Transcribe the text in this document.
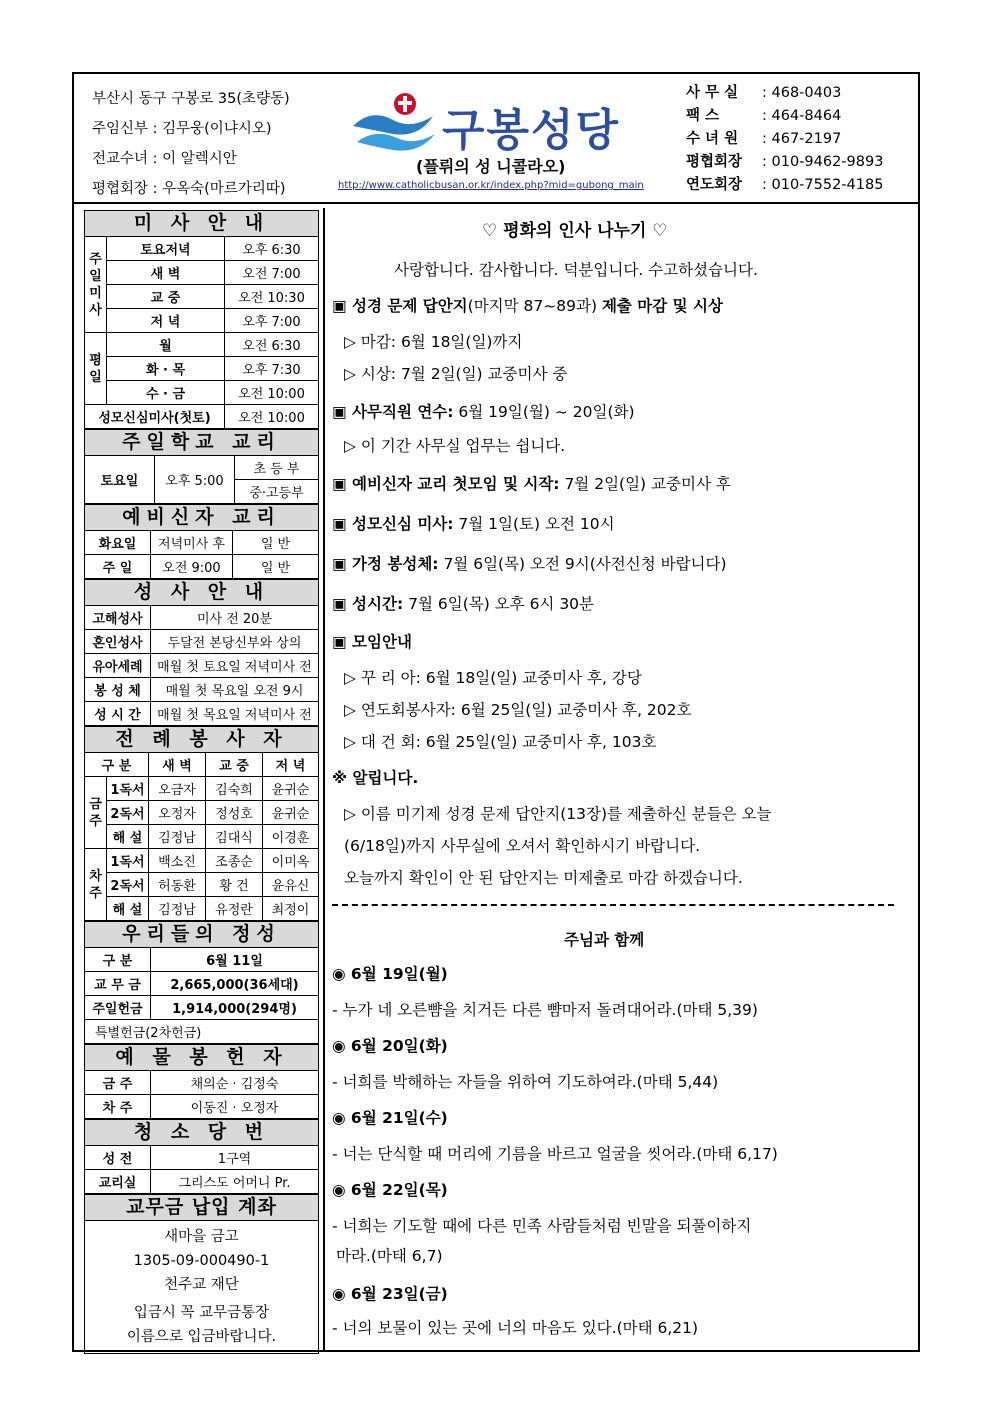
부산시 동구 구봉로 35(초량동)
주임신부 : 김무웅(이냐시오)
전교수녀 : 이 알렉시안
평협회장 : 우옥숙(마르가리따)
구봉성당
(플뤼의 성 니콜라오)
http://www.catholicbusan.or.kr/index.php?mid=gubong_main
사 무 실	: 468-0403
팩 스	: 464-8464
수 녀 원	: 467-2197
평협회장	: 010-9462-9893
연도회장	: 010-7552-4185
미 사 안 내
주일미사	토요저녁	오후 6:30
	새 벽	오전 7:00
	교 중	오전 10:30
	저 녁	오후 7:00
평일	월	오전 6:30
	화 · 목	오후 7:30
	수 · 금	오전 10:00
성모신심미사(첫토)		오전 10:00
주일학교 교리
토요일	오후 5:00	초 등 부
중·고등부
예비신자 교리
화요일	저녁미사 후	일 반
주 일	오전 9:00	일 반
성 사 안 내
고해성사	미사 전 20분
혼인성사	두달전 본당신부와 상의
유아세례	매월 첫 토요일 저녁미사 전
봉 성 체	매월 첫 목요일 오전 9시
성 시 간	매월 첫 목요일 저녁미사 전
전 례 봉 사 자
구 분		새 벽	교 중	저 녁
금주	1독서	오금자	김숙희	윤귀순
	2독서	오정자	정성호	윤귀순
	해 설	김정남	김대식	이경훈
차주	1독서	백소진	조종순	이미옥
	2독서	허동환	황 건	윤유신
	해 설	김정남	유정란	최정이
우리들의 정성
구 분	6월 11일
교 무 금	2,665,000(36세대)
주일헌금	1,914,000(294명)
특별헌금(2차헌금)	
예 물 봉 헌 자
금 주	채의순 · 김정숙
차 주	이동진 · 오정자
청 소 당 번
성 전	1구역
교리실	그리스도 어머니 Pr.
교무금 납입 계좌
새마을 금고
1305-09-000490-1
천주교 재단
입금시 꼭 교무금통장
이름으로 입금바랍니다.
♡ 평화의 인사 나누기 ♡
사랑합니다. 감사합니다. 덕분입니다. 수고하셨습니다.
▣ 성경 문제 답안지(마지막 87~89과) 제출 마감 및 시상
▷ 마감: 6월 18일(일)까지
▷ 시상: 7월 2일(일) 교중미사 중
▣ 사무직원 연수: 6월 19일(월) ~ 20일(화)
▷ 이 기간 사무실 업무는 쉽니다.
▣ 예비신자 교리 첫모임 및 시작: 7월 2일(일) 교중미사 후
▣ 성모신심 미사: 7월 1일(토) 오전 10시
▣ 가정 봉성체: 7월 6일(목) 오전 9시(사전신청 바랍니다)
▣ 성시간: 7월 6일(목) 오후 6시 30분
▣ 모임안내
▷ 꾸 리 아: 6월 18일(일) 교중미사 후, 강당
▷ 연도회봉사자: 6월 25일(일) 교중미사 후, 202호
▷ 대 건 회: 6월 25일(일) 교중미사 후, 103호
※ 알립니다.
▷ 이름 미기제 성경 문제 답안지(13장)를 제출하신 분들은 오늘
(6/18일)까지 사무실에 오셔서 확인하시기 바랍니다.
오늘까지 확인이 안 된 답안지는 미제출로 마감 하겠습니다.
주님과 함께
◉ 6월 19일(월)
- 누가 네 오른뺨을 치거든 다른 뺨마저 돌려대어라.(마태 5,39)
◉ 6월 20일(화)
- 너희를 박해하는 자들을 위하여 기도하여라.(마태 5,44)
◉ 6월 21일(수)
- 너는 단식할 때 머리에 기름을 바르고 얼굴을 씻어라.(마태 6,17)
◉ 6월 22일(목)
- 너희는 기도할 때에 다른 민족 사람들처럼 빈말을 되풀이하지
마라.(마태 6,7)
◉ 6월 23일(금)
- 너의 보물이 있는 곳에 너의 마음도 있다.(마태 6,21)
